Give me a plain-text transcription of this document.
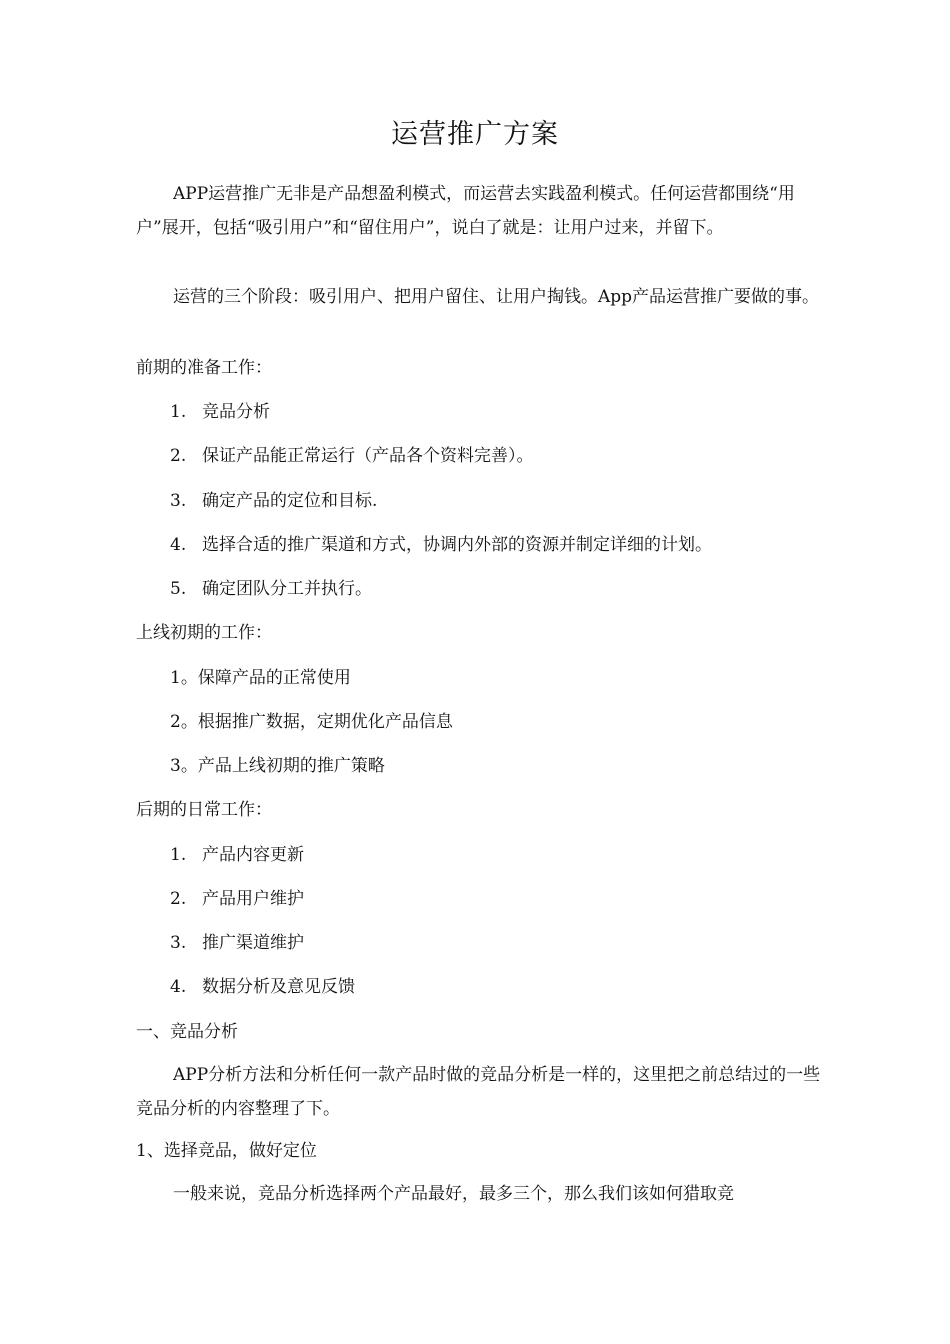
运营推广方案
APP运营推广无非是产品想盈利模式，而运营去实践盈利模式。任何运营都围绕“用户”展开，包括“吸引用户”和“留住用户”，说白了就是：让用户过来，并留下。
运营的三个阶段：吸引用户、把用户留住、让用户掏钱。App产品运营推广要做的事。
前期的准备工作：
1. 竞品分析
2. 保证产品能正常运行（产品各个资料完善）。
3. 确定产品的定位和目标.
4. 选择合适的推广渠道和方式，协调内外部的资源并制定详细的计划。
5. 确定团队分工并执行。
上线初期的工作：
1。保障产品的正常使用
2。根据推广数据，定期优化产品信息
3。产品上线初期的推广策略
后期的日常工作：
1. 产品内容更新
2. 产品用户维护
3. 推广渠道维护
4. 数据分析及意见反馈
一、竞品分析
APP分析方法和分析任何一款产品时做的竞品分析是一样的，这里把之前总结过的一些竞品分析的内容整理了下。
1、选择竞品，做好定位
一般来说，竞品分析选择两个产品最好，最多三个，那么我们该如何猎取竞
